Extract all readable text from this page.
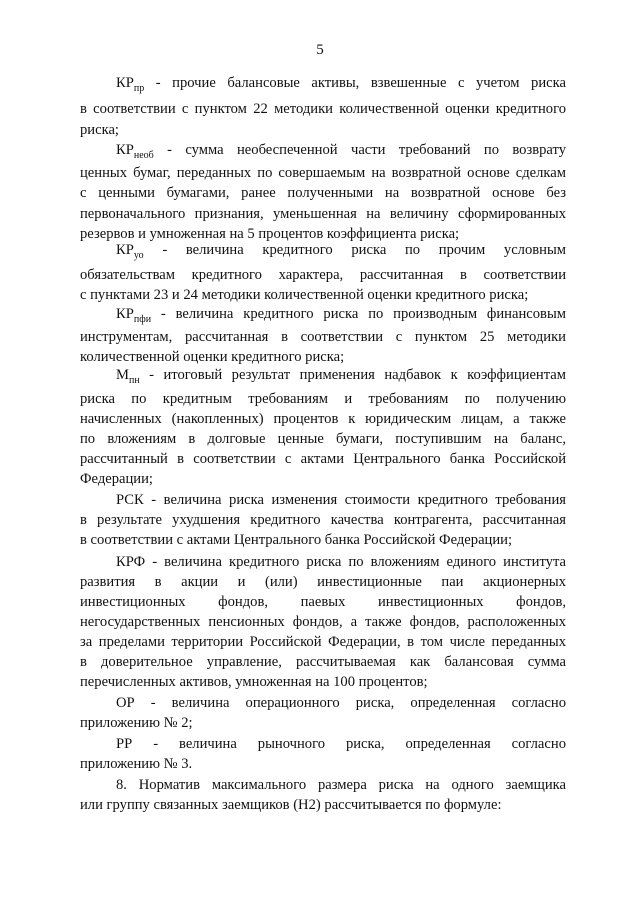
5
$КР_{пр}$ - прочие балансовые активы, взвешенные с учетом риска
в соответствии с пунктом 22 методики количественной оценки кредитного
риска;
$КР_{необ}$ - сумма необеспеченной части требований по возврату
ценных бумаг, переданных по совершаемым на возвратной основе сделкам
с ценными бумагами, ранее полученными на возвратной основе без
первоначального признания, уменьшенная на величину сформированных
резервов и умноженная на 5 процентов коэффициента риска;
$КР_{уо}$ - величина кредитного риска по прочим условным
обязательствам кредитного характера, рассчитанная в соответствии
с пунктами 23 и 24 методики количественной оценки кредитного риска;
$КР_{пфи}$ - величина кредитного риска по производным финансовым
инструментам, рассчитанная в соответствии с пунктом 25 методики
количественной оценки кредитного риска;
$М_{пн}$ - итоговый результат применения надбавок к коэффициентам
риска по кредитным требованиям и требованиям по получению
начисленных (накопленных) процентов к юридическим лицам, а также
по вложениям в долговые ценные бумаги, поступившим на баланс,
рассчитанный в соответствии с актами Центрального банка Российской
Федерации;
РСК - величина риска изменения стоимости кредитного требования
в результате ухудшения кредитного качества контрагента, рассчитанная
в соответствии с актами Центрального банка Российской Федерации;
КРФ - величина кредитного риска по вложениям единого института
развития в акции и (или) инвестиционные паи акционерных
инвестиционных фондов, паевых инвестиционных фондов,
негосударственных пенсионных фондов, а также фондов, расположенных
за пределами территории Российской Федерации, в том числе переданных
в доверительное управление, рассчитываемая как балансовая сумма
перечисленных активов, умноженная на 100 процентов;
ОР - величина операционного риска, определенная согласно
приложению № 2;
РР - величина рыночного риска, определенная согласно
приложению № 3.
8. Норматив максимального размера риска на одного заемщика
или группу связанных заемщиков (Н2) рассчитывается по формуле:
